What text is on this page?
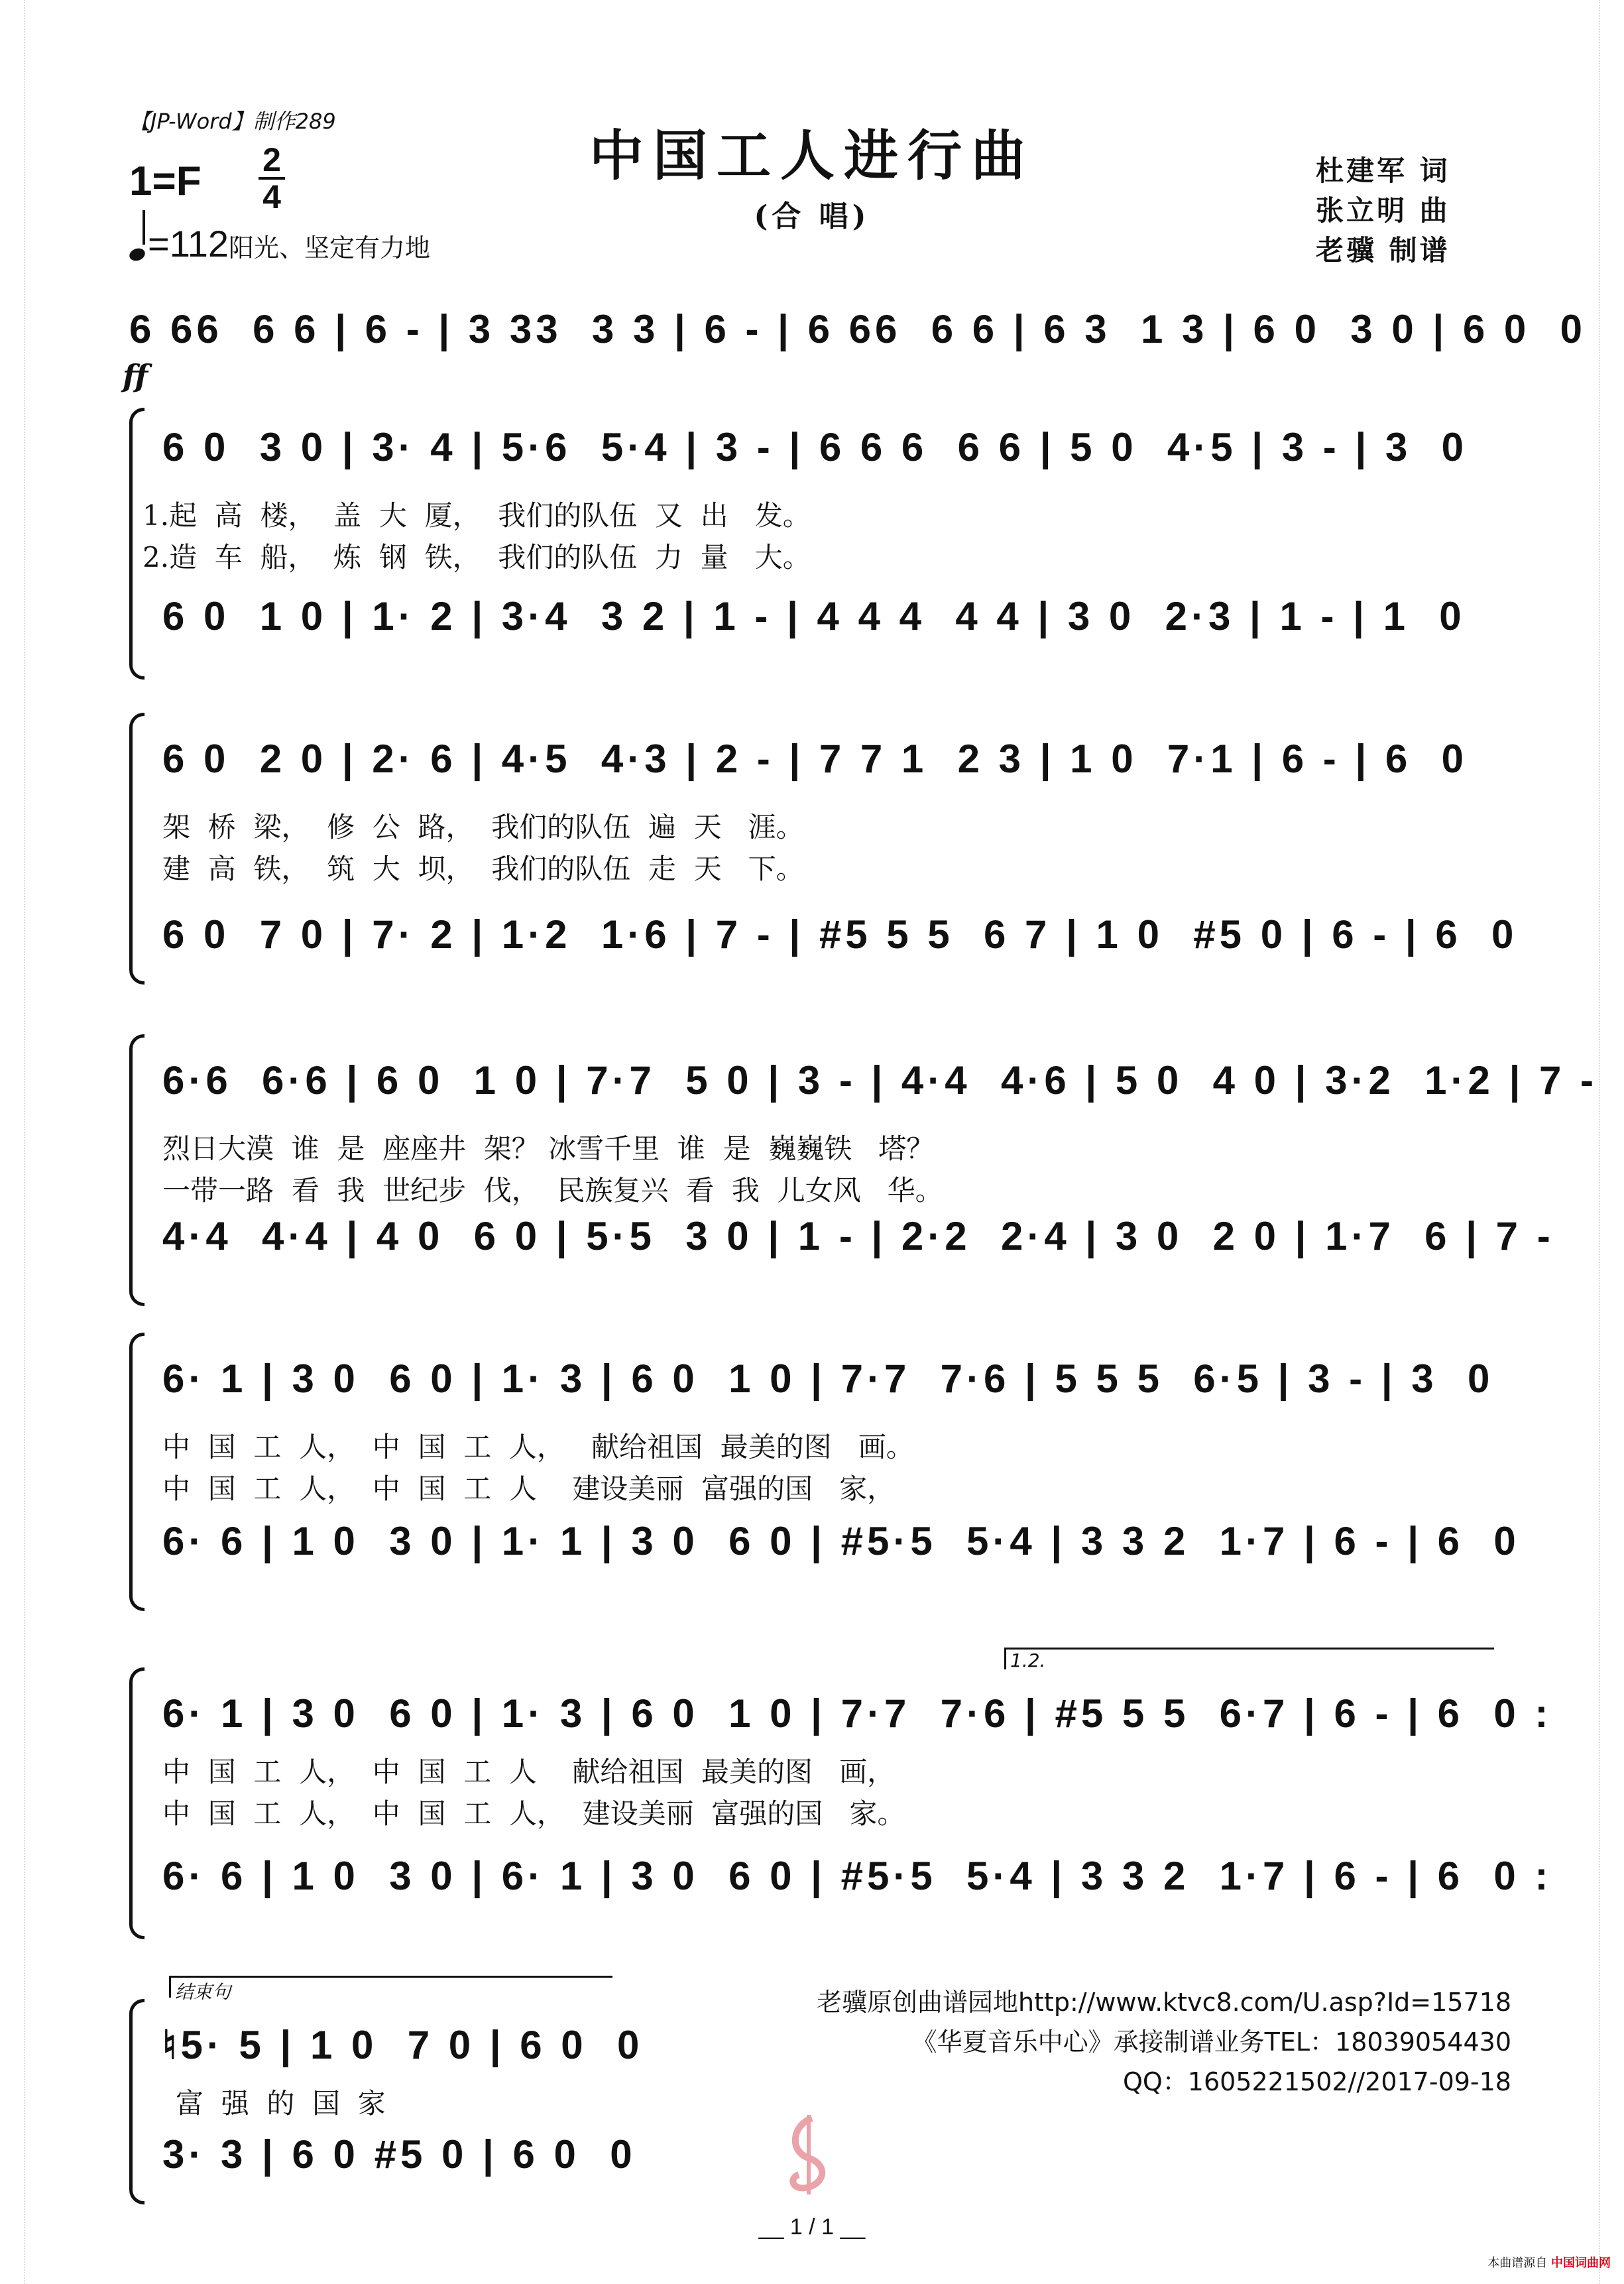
【JP-Word】制作289
中国工人进行曲
(合 唱)
1=F 2
4
=112阳光、坚定有力地
杜建军 词
张立明 曲
老骥 制谱
6 66  6 6 | 6 - | 3 33  3 3 | 6 - | 6 66  6 6 | 6 3  1 3 | 6 0  3 0 | 6 0  0
ff
6 0  3 0 | 3· 4 | 5·6  5·4 | 3 - | 6 6 6  6 6 | 5 0  4·5 | 3 - | 3  0
1.起  高  楼，  盖  大  厦，  我们的队伍  又  出   发。
2.造  车  船，  炼  钢  铁，  我们的队伍  力  量   大。
6 0  1 0 | 1· 2 | 3·4  3 2 | 1 - | 4 4 4  4 4 | 3 0  2·3 | 1 - | 1  0
6 0  2 0 | 2· 6 | 4·5  4·3 | 2 - | 7 7 1  2 3 | 1 0  7·1 | 6 - | 6  0
架  桥  梁，  修  公  路，  我们的队伍  遍  天   涯。
建  高  铁，  筑  大  坝，  我们的队伍  走  天   下。
6 0  7 0 | 7· 2 | 1·2  1·6 | 7 - | #5 5 5  6 7 | 1 0  #5 0 | 6 - | 6  0
6·6  6·6 | 6 0  1 0 | 7·7  5 0 | 3 - | 4·4  4·6 | 5 0  4 0 | 3·2  1·2 | 7 -
烈日大漠  谁  是  座座井  架？ 冰雪千里  谁  是  巍巍铁   塔？
一带一路  看  我  世纪步  伐，  民族复兴  看  我  儿女风   华。
4·4  4·4 | 4 0  6 0 | 5·5  3 0 | 1 - | 2·2  2·4 | 3 0  2 0 | 1·7  6 | 7 -
6· 1 | 3 0  6 0 | 1· 3 | 6 0  1 0 | 7·7  7·6 | 5 5 5  6·5 | 3 - | 3  0
中  国  工  人，  中  国  工  人，   献给祖国  最美的图   画。
中  国  工  人，  中  国  工  人    建设美丽  富强的国   家，
6· 6 | 1 0  3 0 | 1· 1 | 3 0  6 0 | #5·5  5·4 | 3 3 2  1·7 | 6 - | 6  0
1.2.
6· 1 | 3 0  6 0 | 1· 3 | 6 0  1 0 | 7·7  7·6 | #5 5 5  6·7 | 6 - | 6  0 :
中  国  工  人，  中  国  工  人    献给祖国  最美的图   画，
中  国  工  人，  中  国  工  人，  建设美丽  富强的国   家。
6· 6 | 1 0  3 0 | 6· 1 | 3 0  6 0 | #5·5  5·4 | 3 3 2  1·7 | 6 - | 6  0 :
结束句
♮5· 5 | 1 0  7 0 | 6 0  0
富  强  的  国  家
3· 3 | 6 0 #5 0 | 6 0  0
老骥原创曲谱园地http://www.ktvc8.com/U.asp?Id=15718
《华夏音乐中心》承接制谱业务TEL：18039054430
QQ：1605221502//2017-09-18
__ 1 / 1 __
本曲谱源自 中国词曲网
